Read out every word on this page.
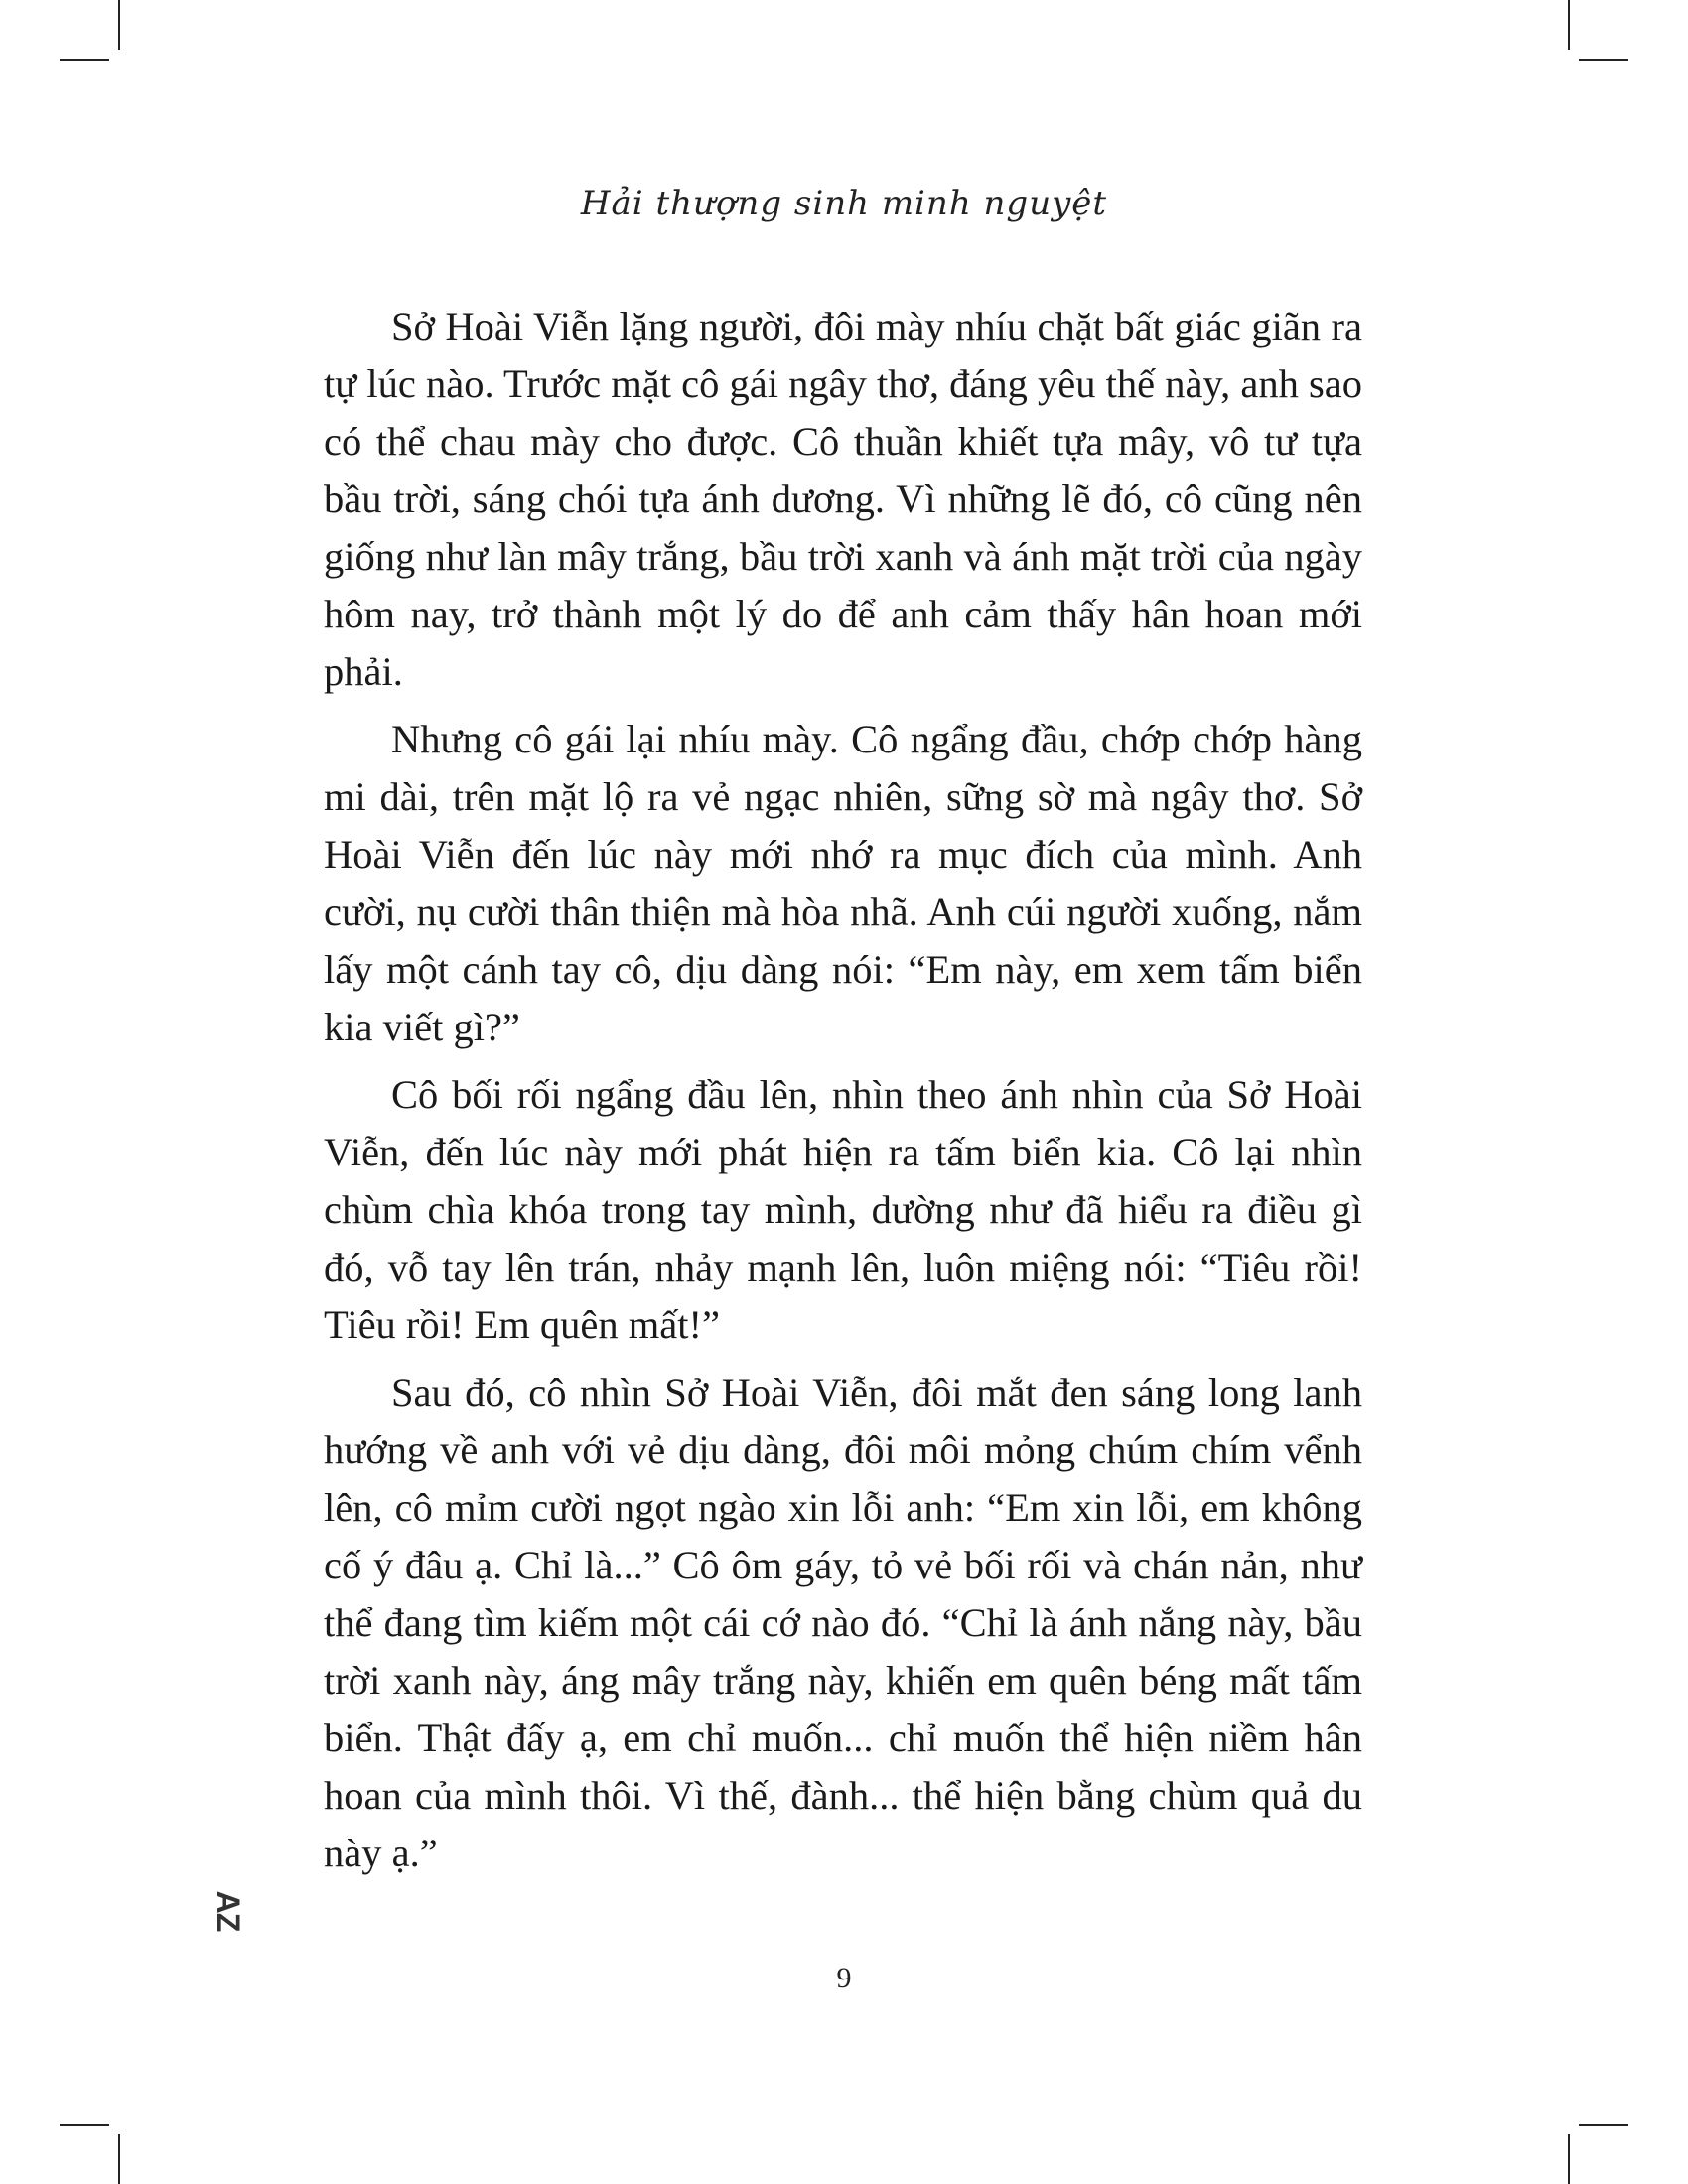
Hải thượng sinh minh nguyệt

Sở Hoài Viễn lặng người, đôi mày nhíu chặt bất giác giãn ra tự lúc nào. Trước mặt cô gái ngây thơ, đáng yêu thế này, anh sao có thể chau mày cho được. Cô thuần khiết tựa mây, vô tư tựa bầu trời, sáng chói tựa ánh dương. Vì những lẽ đó, cô cũng nên giống như làn mây trắng, bầu trời xanh và ánh mặt trời của ngày hôm nay, trở thành một lý do để anh cảm thấy hân hoan mới phải.

Nhưng cô gái lại nhíu mày. Cô ngẩng đầu, chớp chớp hàng mi dài, trên mặt lộ ra vẻ ngạc nhiên, sững sờ mà ngây thơ. Sở Hoài Viễn đến lúc này mới nhớ ra mục đích của mình. Anh cười, nụ cười thân thiện mà hòa nhã. Anh cúi người xuống, nắm lấy một cánh tay cô, dịu dàng nói: “Em này, em xem tấm biển kia viết gì?”

Cô bối rối ngẩng đầu lên, nhìn theo ánh nhìn của Sở Hoài Viễn, đến lúc này mới phát hiện ra tấm biển kia. Cô lại nhìn chùm chìa khóa trong tay mình, dường như đã hiểu ra điều gì đó, vỗ tay lên trán, nhảy mạnh lên, luôn miệng nói: “Tiêu rồi! Tiêu rồi! Em quên mất!”

Sau đó, cô nhìn Sở Hoài Viễn, đôi mắt đen sáng long lanh hướng về anh với vẻ dịu dàng, đôi môi mỏng chúm chím vểnh lên, cô mỉm cười ngọt ngào xin lỗi anh: “Em xin lỗi, em không cố ý đâu ạ. Chỉ là...” Cô ôm gáy, tỏ vẻ bối rối và chán nản, như thể đang tìm kiếm một cái cớ nào đó. “Chỉ là ánh nắng này, bầu trời xanh này, áng mây trắng này, khiến em quên béng mất tấm biển. Thật đấy ạ, em chỉ muốn... chỉ muốn thể hiện niềm hân hoan của mình thôi. Vì thế, đành... thể hiện bằng chùm quả du này ạ.”

AZ
9
